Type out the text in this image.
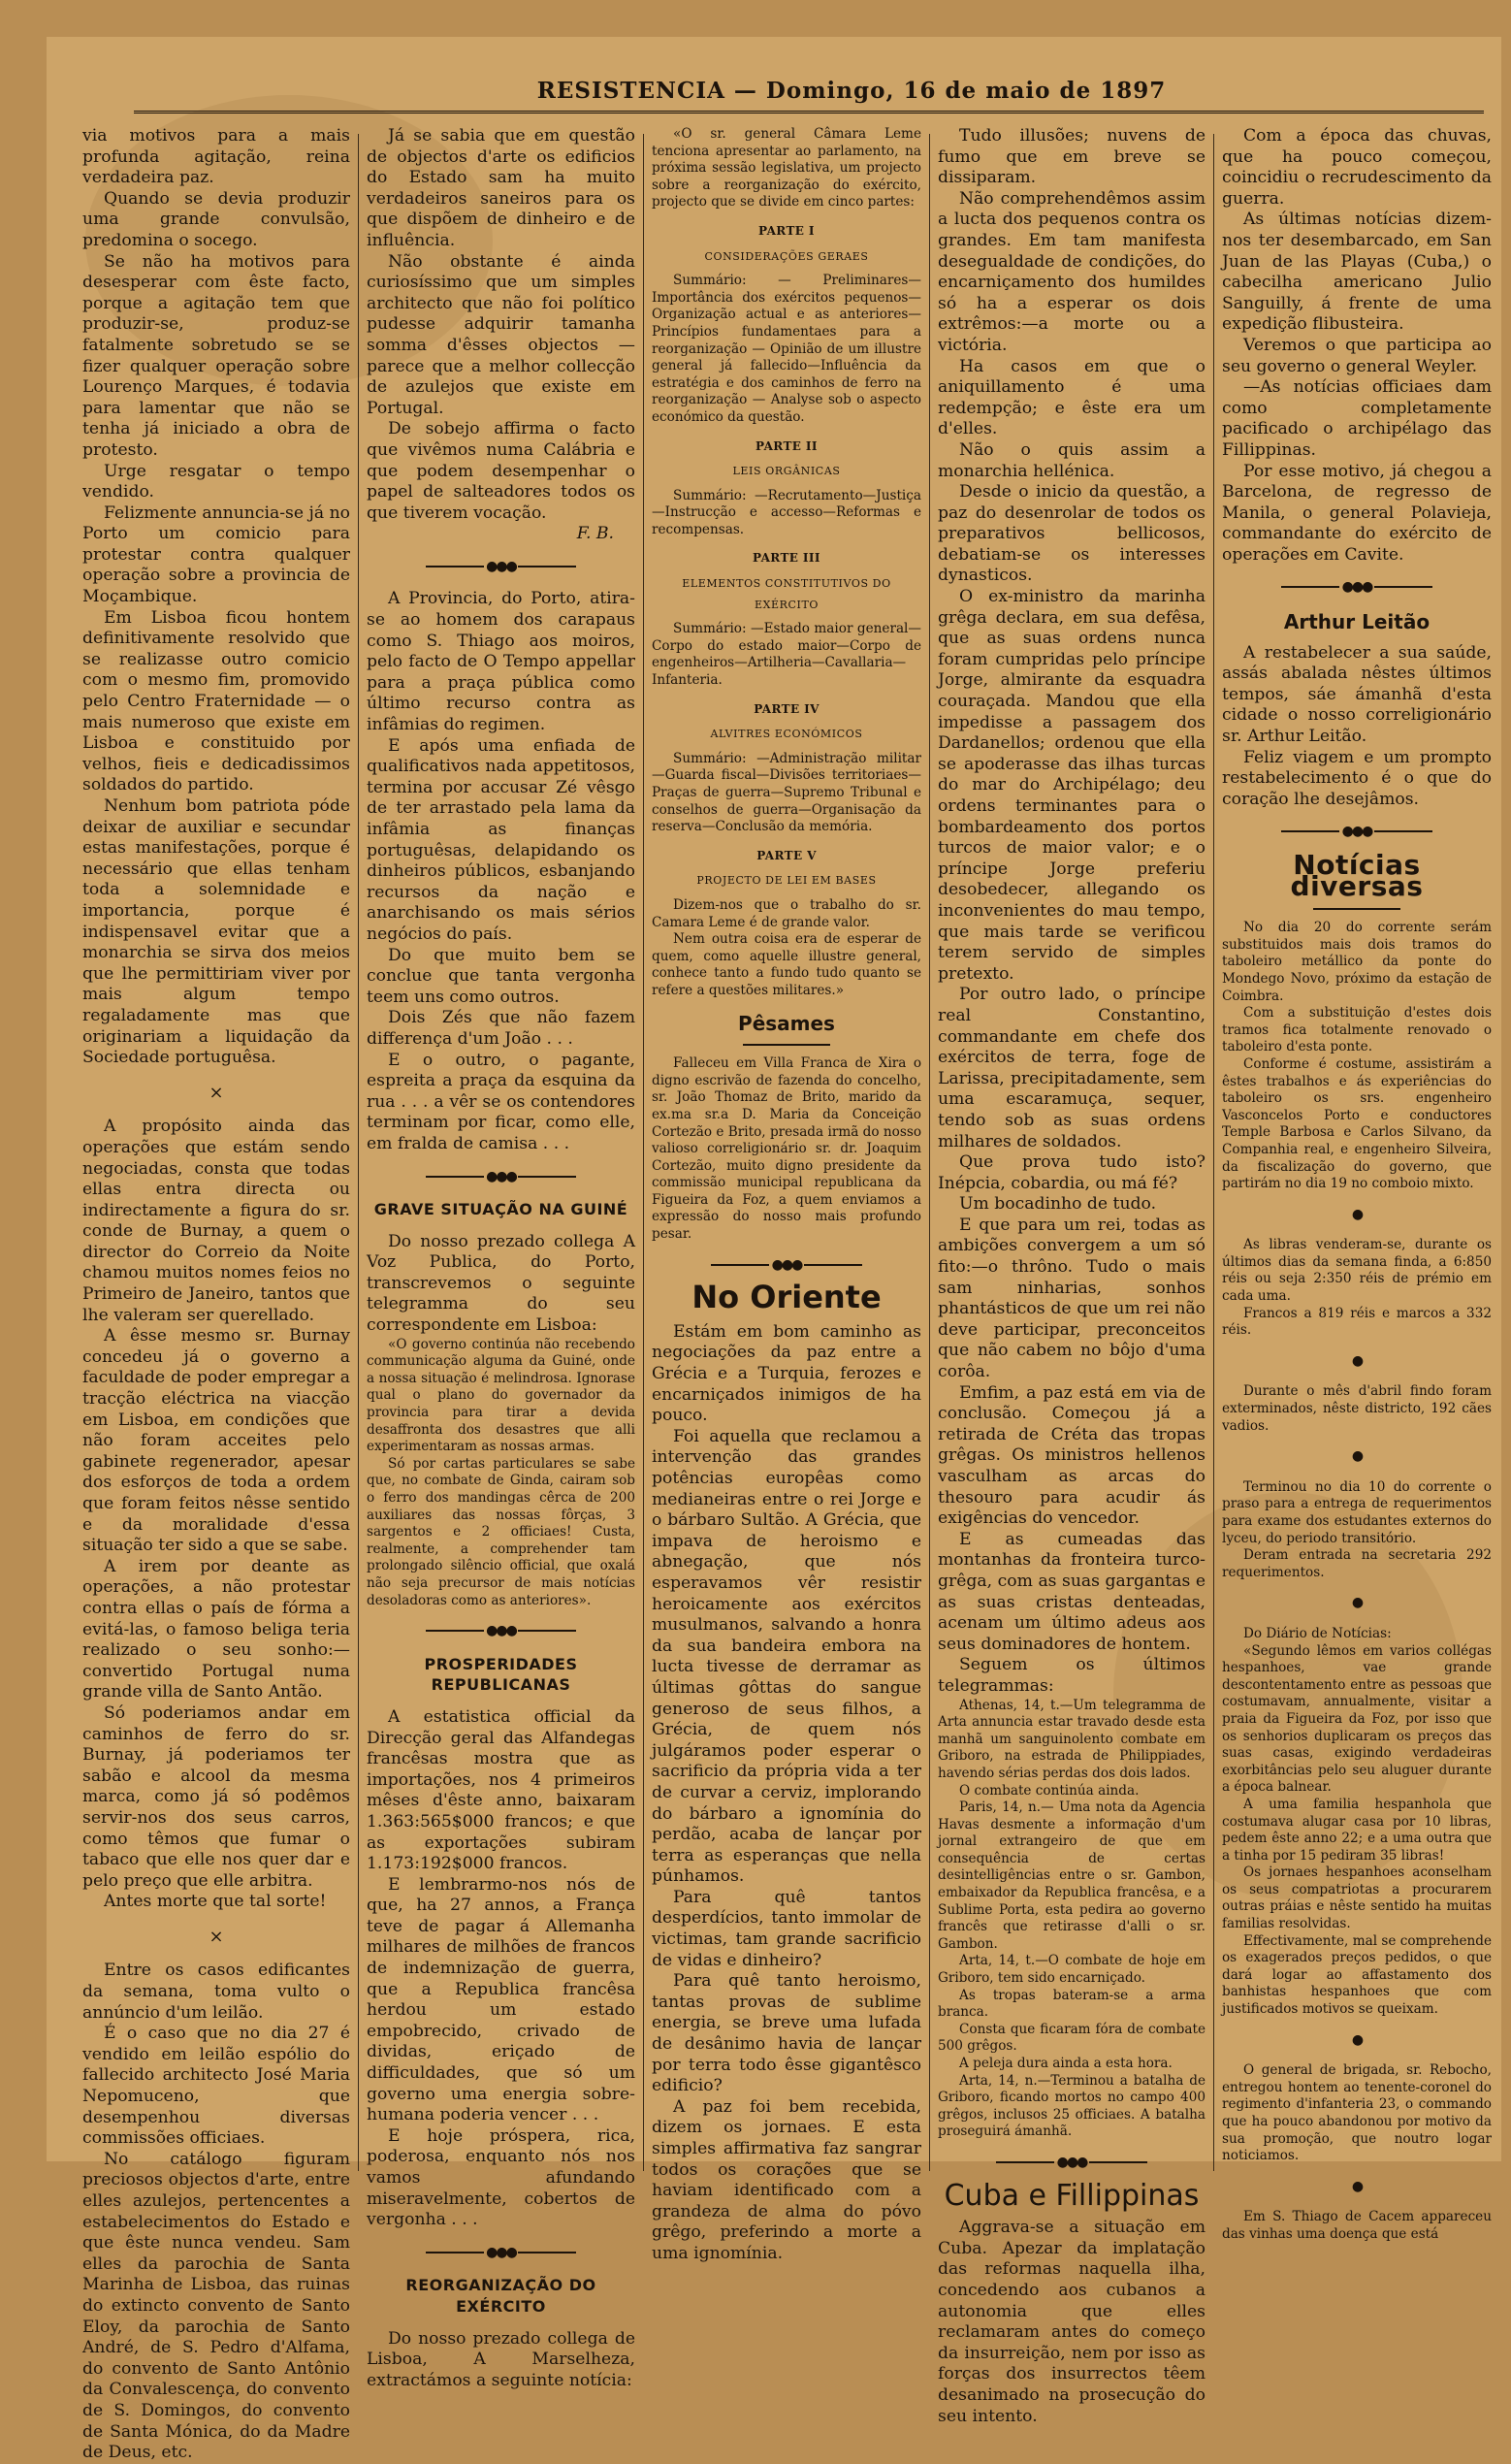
RESISTENCIA — Domingo, 16 de maio de 1897

via motivos para a mais profunda agitação, reina verdadeira paz.

Quando se devia produzir uma grande convulsão, predomina o socego.

Se não ha motivos para desesperar com êste facto, porque a agitação tem que produzir-se, produz-se fatalmente sobretudo se se fizer qualquer operação sobre Lourenço Marques, é todavia para lamentar que não se tenha já iniciado a obra de protesto.

Urge resgatar o tempo vendido.

Felizmente annuncia-se já no Porto um comicio para protestar contra qualquer operação sobre a provincia de Moçambique.

Em Lisboa ficou hontem definitivamente resolvido que se realizasse outro comicio com o mesmo fim, promovido pelo Centro Fraternidade — o mais numeroso que existe em Lisboa e constituido por velhos, fieis e dedicadissimos soldados do partido.

Nenhum bom patriota póde deixar de auxiliar e secundar estas manifestações, porque é necessário que ellas tenham toda a solemnidade e importancia, porque é indispensavel evitar que a monarchia se sirva dos meios que lhe permittiriam viver por mais algum tempo regaladamente mas que originariam a liquidação da Sociedade portuguêsa.

×

A propósito ainda das operações que estám sendo negociadas, consta que todas ellas entra directa ou indirectamente a figura do sr. conde de Burnay, a quem o director do Correio da Noite chamou muitos nomes feios no Primeiro de Janeiro, tantos que lhe valeram ser querellado.

A êsse mesmo sr. Burnay concedeu já o governo a faculdade de poder empregar a tracção eléctrica na viacção em Lisboa, em condições que não foram acceites pelo gabinete regenerador, apesar dos esforços de toda a ordem que foram feitos nêsse sentido e da moralidade d'essa situação ter sido a que se sabe.

A irem por deante as operações, a não protestar contra ellas o país de fórma a evitá-las, o famoso beliga teria realizado o seu sonho:—convertido Portugal numa grande villa de Santo Antão.

Só poderiamos andar em caminhos de ferro do sr. Burnay, já poderiamos ter sabão e alcool da mesma marca, como já só podêmos servir-nos dos seus carros, como têmos que fumar o tabaco que elle nos quer dar e pelo preço que elle arbitra.

Antes morte que tal sorte!

×

Entre os casos edificantes da semana, toma vulto o annúncio d'um leilão.

É o caso que no dia 27 é vendido em leilão espólio do fallecido architecto José Maria Nepomuceno, que desempenhou diversas commissões officiaes.

No catálogo figuram preciosos objectos d'arte, entre elles azulejos, pertencentes a estabelecimentos do Estado e que êste nunca vendeu. Sam elles da parochia de Santa Marinha de Lisboa, das ruinas do extincto convento de Santo Eloy, da parochia de Santo André, de S. Pedro d'Alfama, do convento de Santo Antônio da Convalescença, do convento de S. Domingos, do convento de Santa Mónica, do da Madre de Deus, etc.

Já se sabia que em questão de objectos d'arte os edificios do Estado sam ha muito verdadeiros saneiros para os que dispõem de dinheiro e de influência.

Não obstante é ainda curiosíssimo que um simples architecto que não foi político pudesse adquirir tamanha somma d'êsses objectos — parece que a melhor collecção de azulejos que existe em Portugal.

De sobejo affirma o facto que vivêmos numa Calábria e que podem desempenhar o papel de salteadores todos os que tiverem vocação.

F. B.
●●●

A Provincia, do Porto, atira-se ao homem dos carapaus como S. Thiago aos moiros, pelo facto de O Tempo appellar para a praça pública como último recurso contra as infâmias do regimen.

E após uma enfiada de qualificativos nada appetitosos, termina por accusar Zé vêsgo de ter arrastado pela lama da infâmia as finanças portuguêsas, delapidando os dinheiros públicos, esbanjando recursos da nação e anarchisando os mais sérios negócios do país.

Do que muito bem se conclue que tanta vergonha teem uns como outros.

Dois Zés que não fazem differença d'um João . . .

E o outro, o pagante, espreita a praça da esquina da rua . . . a vêr se os contendores terminam por ficar, como elle, em fralda de camisa . . .

●●●
GRAVE SITUAÇÃO NA GUINÉ

Do nosso prezado collega A Voz Publica, do Porto, transcrevemos o seguinte telegramma do seu correspondente em Lisboa:

«O governo continúa não recebendo communicação alguma da Guiné, onde a nossa situação é melindrosa. Ignorase qual o plano do governador da provincia para tirar a devida desaffronta dos desastres que alli experimentaram as nossas armas.

Só por cartas particulares se sabe que, no combate de Ginda, cairam sob o ferro dos mandingas cêrca de 200 auxiliares das nossas fôrças, 3 sargentos e 2 officiaes! Custa, realmente, a comprehender tam prolongado silêncio official, que oxalá não seja precursor de mais notícias desoladoras como as anteriores».

●●●
PROSPERIDADES REPUBLICANAS

A estatistica official da Direcção geral das Alfandegas francêsas mostra que as importações, nos 4 primeiros mêses d'êste anno, baixaram 1.363:565$000 francos; e que as exportações subiram 1.173:192$000 francos.

E lembrarmo-nos nós de que, ha 27 annos, a França teve de pagar á Allemanha milhares de milhões de francos de indemnização de guerra, que a Republica francêsa herdou um estado empobrecido, crivado de dividas, eriçado de difficuldades, que só um governo uma energia sobre-humana poderia vencer . . .

E hoje próspera, rica, poderosa, enquanto nós nos vamos afundando miseravelmente, cobertos de vergonha . . .

●●●
REORGANIZAÇÃO DO EXÉRCITO

Do nosso prezado collega de Lisboa, A Marselheza, extractámos a seguinte notícia:

«O sr. general Câmara Leme tenciona apresentar ao parlamento, na próxima sessão legislativa, um projecto sobre a reorganização do exército, projecto que se divide em cinco partes:

PARTE I
CONSIDERAÇÕES GERAES

Summário: — Preliminares—Importância dos exércitos pequenos—Organização actual e as anteriores—Princípios fundamentaes para a reorganização — Opinião de um illustre general já fallecido—Influência da estratégia e dos caminhos de ferro na reorganização — Analyse sob o aspecto económico da questão.

PARTE II
LEIS ORGÂNICAS

Summário: —Recrutamento—Justiça—Instrucção e accesso—Reformas e recompensas.

PARTE III
ELEMENTOS CONSTITUTIVOS DO EXÉRCITO

Summário: —Estado maior general—Corpo do estado maior—Corpo de engenheiros—Artilheria—Cavallaria—Infanteria.

PARTE IV
ALVITRES ECONÓMICOS

Summário: —Administração militar—Guarda fiscal—Divisões territoriaes—Praças de guerra—Supremo Tribunal e conselhos de guerra—Organisação da reserva—Conclusão da memória.

PARTE V
PROJECTO DE LEI EM BASES

Dizem-nos que o trabalho do sr. Camara Leme é de grande valor.

Nem outra coisa era de esperar de quem, como aquelle illustre general, conhece tanto a fundo tudo quanto se refere a questões militares.»

Pêsames

Falleceu em Villa Franca de Xira o digno escrivão de fazenda do concelho, sr. João Thomaz de Brito, marido da ex.ma sr.a D. Maria da Conceição Cortezão e Brito, presada irmã do nosso valioso correligionário sr. dr. Joaquim Cortezão, muito digno presidente da commissão municipal republicana da Figueira da Foz, a quem enviamos a expressão do nosso mais profundo pesar.

●●●
No Oriente

Estám em bom caminho as negociações da paz entre a Grécia e a Turquia, ferozes e encarniçados inimigos de ha pouco.

Foi aquella que reclamou a intervenção das grandes potências europêas como medianeiras entre o rei Jorge e o bárbaro Sultão. A Grécia, que impava de heroismo e abnegação, que nós esperavamos vêr resistir heroicamente aos exércitos musulmanos, salvando a honra da sua bandeira embora na lucta tivesse de derramar as últimas gôttas do sangue generoso de seus filhos, a Grécia, de quem nós julgáramos poder esperar o sacrificio da própria vida a ter de curvar a cerviz, implorando do bárbaro a ignomínia do perdão, acaba de lançar por terra as esperanças que nella púnhamos.

Para quê tantos desperdícios, tanto immolar de victimas, tam grande sacrificio de vidas e dinheiro?

Para quê tanto heroismo, tantas provas de sublime energia, se breve uma lufada de desânimo havia de lançar por terra todo êsse gigantêsco edificio?

A paz foi bem recebida, dizem os jornaes. E esta simples affirmativa faz sangrar todos os corações que se haviam identificado com a grandeza de alma do póvo grêgo, preferindo a morte a uma ignomínia.

Tudo illusões; nuvens de fumo que em breve se dissiparam.

Não comprehendêmos assim a lucta dos pequenos contra os grandes. Em tam manifesta desegualdade de condições, do encarniçamento dos humildes só ha a esperar os dois extrêmos:—a morte ou a victória.

Ha casos em que o aniquillamento é uma redempção; e êste era um d'elles.

Não o quis assim a monarchia hellénica.

Desde o inicio da questão, a paz do desenrolar de todos os preparativos bellicosos, debatiam-se os interesses dynasticos.

O ex-ministro da marinha grêga declara, em sua defêsa, que as suas ordens nunca foram cumpridas pelo príncipe Jorge, almirante da esquadra couraçada. Mandou que ella impedisse a passagem dos Dardanellos; ordenou que ella se apoderasse das ilhas turcas do mar do Archipélago; deu ordens terminantes para o bombardeamento dos portos turcos de maior valor; e o príncipe Jorge preferiu desobedecer, allegando os inconvenientes do mau tempo, que mais tarde se verificou terem servido de simples pretexto.

Por outro lado, o príncipe real Constantino, commandante em chefe dos exércitos de terra, foge de Larissa, precipitadamente, sem uma escaramuça, sequer, tendo sob as suas ordens milhares de soldados.

Que prova tudo isto? Inépcia, cobardia, ou má fé?

Um bocadinho de tudo.

E que para um rei, todas as ambições convergem a um só fito:—o thrôno. Tudo o mais sam ninharias, sonhos phantásticos de que um rei não deve participar, preconceitos que não cabem no bôjo d'uma corôa.

Emfim, a paz está em via de conclusão. Começou já a retirada de Créta das tropas grêgas. Os ministros hellenos vasculham as arcas do thesouro para acudir ás exigências do vencedor.

E as cumeadas das montanhas da fronteira turco-grêga, com as suas gargantas e as suas cristas denteadas, acenam um último adeus aos seus dominadores de hontem.

Seguem os últimos telegrammas:

Athenas, 14, t.—Um telegramma de Arta annuncia estar travado desde esta manhã um sanguinolento combate em Griboro, na estrada de Philippiades, havendo sérias perdas dos dois lados.

O combate continúa ainda.

Paris, 14, n.— Uma nota da Agencia Havas desmente a informação d'um jornal extrangeiro de que em consequência de certas desintelligências entre o sr. Gambon, embaixador da Republica francêsa, e a Sublime Porta, esta pedira ao governo francês que retirasse d'alli o sr. Gambon.

Arta, 14, t.—O combate de hoje em Griboro, tem sido encarniçado.

As tropas bateram-se a arma branca.

Consta que ficaram fóra de combate 500 grêgos.

A peleja dura ainda a esta hora.

Arta, 14, n.—Terminou a batalha de Griboro, ficando mortos no campo 400 grêgos, inclusos 25 officiaes. A batalha proseguirá ámanhã.

●●●
Cuba e Fillippinas

Aggrava-se a situação em Cuba. Apezar da implatação das reformas naquella ilha, concedendo aos cubanos a autonomia que elles reclamaram antes do começo da insurreição, nem por isso as forças dos insurrectos têem desanimado na prosecução do seu intento.

Com a época das chuvas, que ha pouco começou, coincidiu o recrudescimento da guerra.

As últimas notícias dizem-nos ter desembarcado, em San Juan de las Playas (Cuba,) o cabecilha americano Julio Sanguilly, á frente de uma expedição flibusteira.

Veremos o que participa ao seu governo o general Weyler.

—As notícias officiaes dam como completamente pacificado o archipélago das Fillippinas.

Por esse motivo, já chegou a Barcelona, de regresso de Manila, o general Polavieja, commandante do exército de operações em Cavite.

●●●
Arthur Leitão

A restabelecer a sua saúde, assás abalada nêstes últimos tempos, sáe ámanhã d'esta cidade o nosso correligionário sr. Arthur Leitão.

Feliz viagem e um prompto restabelecimento é o que do coração lhe desejâmos.

●●●
Notícias diversas

No dia 20 do corrente serám substituidos mais dois tramos do taboleiro metállico da ponte do Mondego Novo, próximo da estação de Coimbra.

Com a substituição d'estes dois tramos fica totalmente renovado o taboleiro d'esta ponte.

Conforme é costume, assistirám a êstes trabalhos e ás experiências do taboleiro os srs. engenheiro Vasconcelos Porto e conductores Temple Barbosa e Carlos Silvano, da Companhia real, e engenheiro Silveira, da fiscalização do governo, que partirám no dia 19 no comboio mixto.

●

As libras venderam-se, durante os últimos dias da semana finda, a 6:850 réis ou seja 2:350 réis de prémio em cada uma.

Francos a 819 réis e marcos a 332 réis.

●

Durante o mês d'abril findo foram exterminados, nêste districto, 192 cães vadios.

●

Terminou no dia 10 do corrente o praso para a entrega de requerimentos para exame dos estudantes externos do lyceu, do periodo transitório.

Deram entrada na secretaria 292 requerimentos.

●

Do Diário de Notícias:

«Segundo lêmos em varios collégas hespanhoes, vae grande descontentamento entre as pessoas que costumavam, annualmente, visitar a praia da Figueira da Foz, por isso que os senhorios duplicaram os preços das suas casas, exigindo verdadeiras exorbitâncias pelo seu aluguer durante a época balnear.

A uma familia hespanhola que costumava alugar casa por 10 libras, pedem êste anno 22; e a uma outra que a tinha por 15 pediram 35 libras!

Os jornaes hespanhoes aconselham os seus compatriotas a procurarem outras práias e nêste sentido ha muitas familias resolvidas.

Effectivamente, mal se comprehende os exagerados preços pedidos, o que dará logar ao affastamento dos banhistas hespanhoes que com justificados motivos se queixam.

●

O general de brigada, sr. Rebocho, entregou hontem ao tenente-coronel do regimento d'infanteria 23, o commando que ha pouco abandonou por motivo da sua promoção, que noutro logar noticiamos.

●

Em S. Thiago de Cacem appareceu das vinhas uma doença que está
